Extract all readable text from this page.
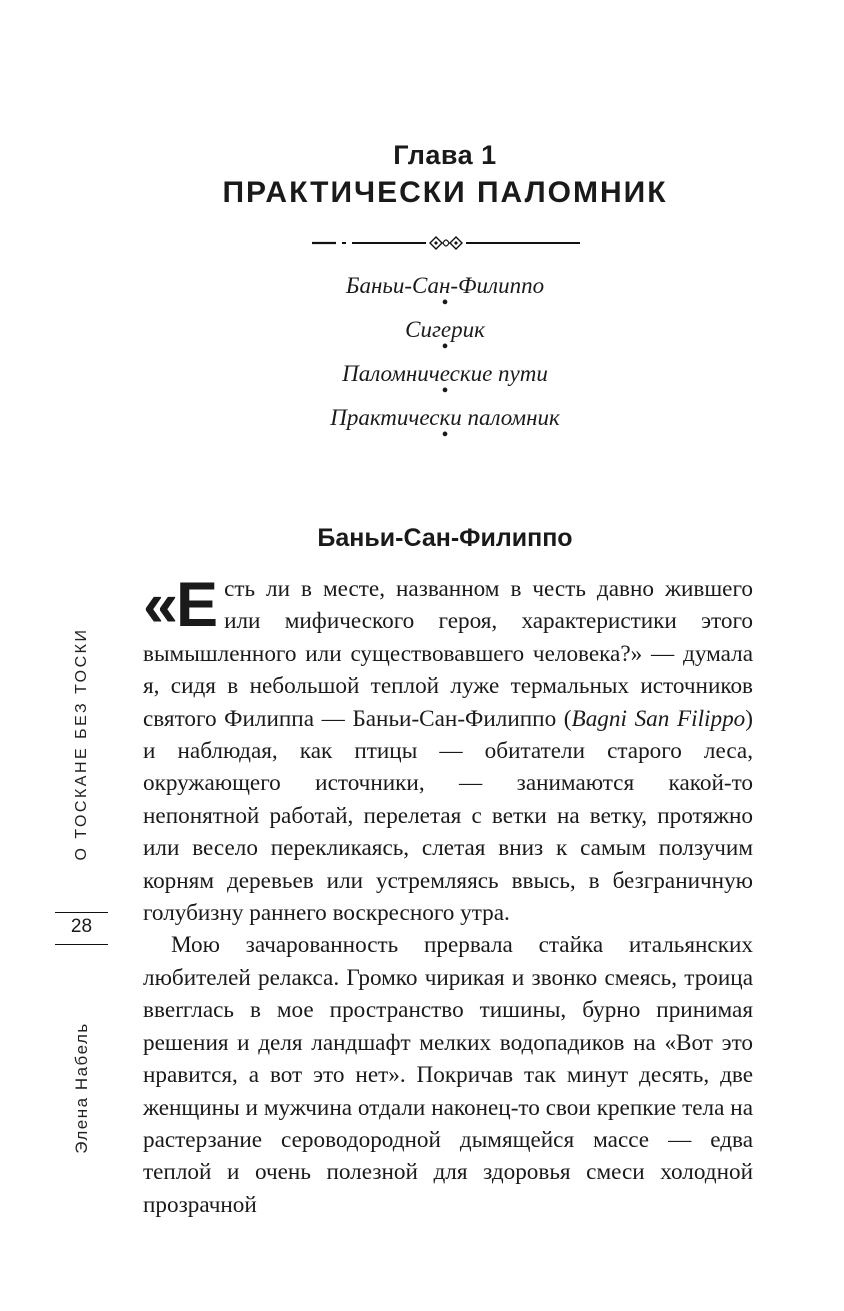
Глава 1
ПРАКТИЧЕСКИ ПАЛОМНИК
Баньи-Сан-Филиппо
•
Сигерик
•
Паломнические пути
•
Практически паломник
•
Баньи-Сан-Филиппо

«Есть ли в месте, названном в честь давно жившего или мифического героя, характеристики этого вымышленного или существовавшего человека?» — думала я, сидя в небольшой теплой луже термальных источников святого Филиппа — Баньи-Сан-Филиппо (Bagni San Filippo) и наблюдая, как птицы — обитатели старого леса, окружающего источники, — занимаются какой-то непонятной работай, перелетая с ветки на ветку, протяжно или весело перекликаясь, слетая вниз к самым ползучим корням деревьев или устремляясь ввысь, в безграничную голубизну раннего воскресного утра.

Мою зачарованность прервала стайка итальянских любителей релакса. Громко чирикая и звонко смеясь, троица ввerглась в мое пространство тишины, бурно принимая решения и деля ландшафт мелких водопадиков на «Вот это нравится, а вот это нет». Покричав так минут десять, две женщины и мужчина отдали наконец-то свои крепкие тела на растерзание сероводородной дымящейся массе — едва теплой и очень полезной для здоровья смеси холодной прозрачной

О ТОСКАНЕ БЕЗ ТОСКИ
28
Элена Набель
